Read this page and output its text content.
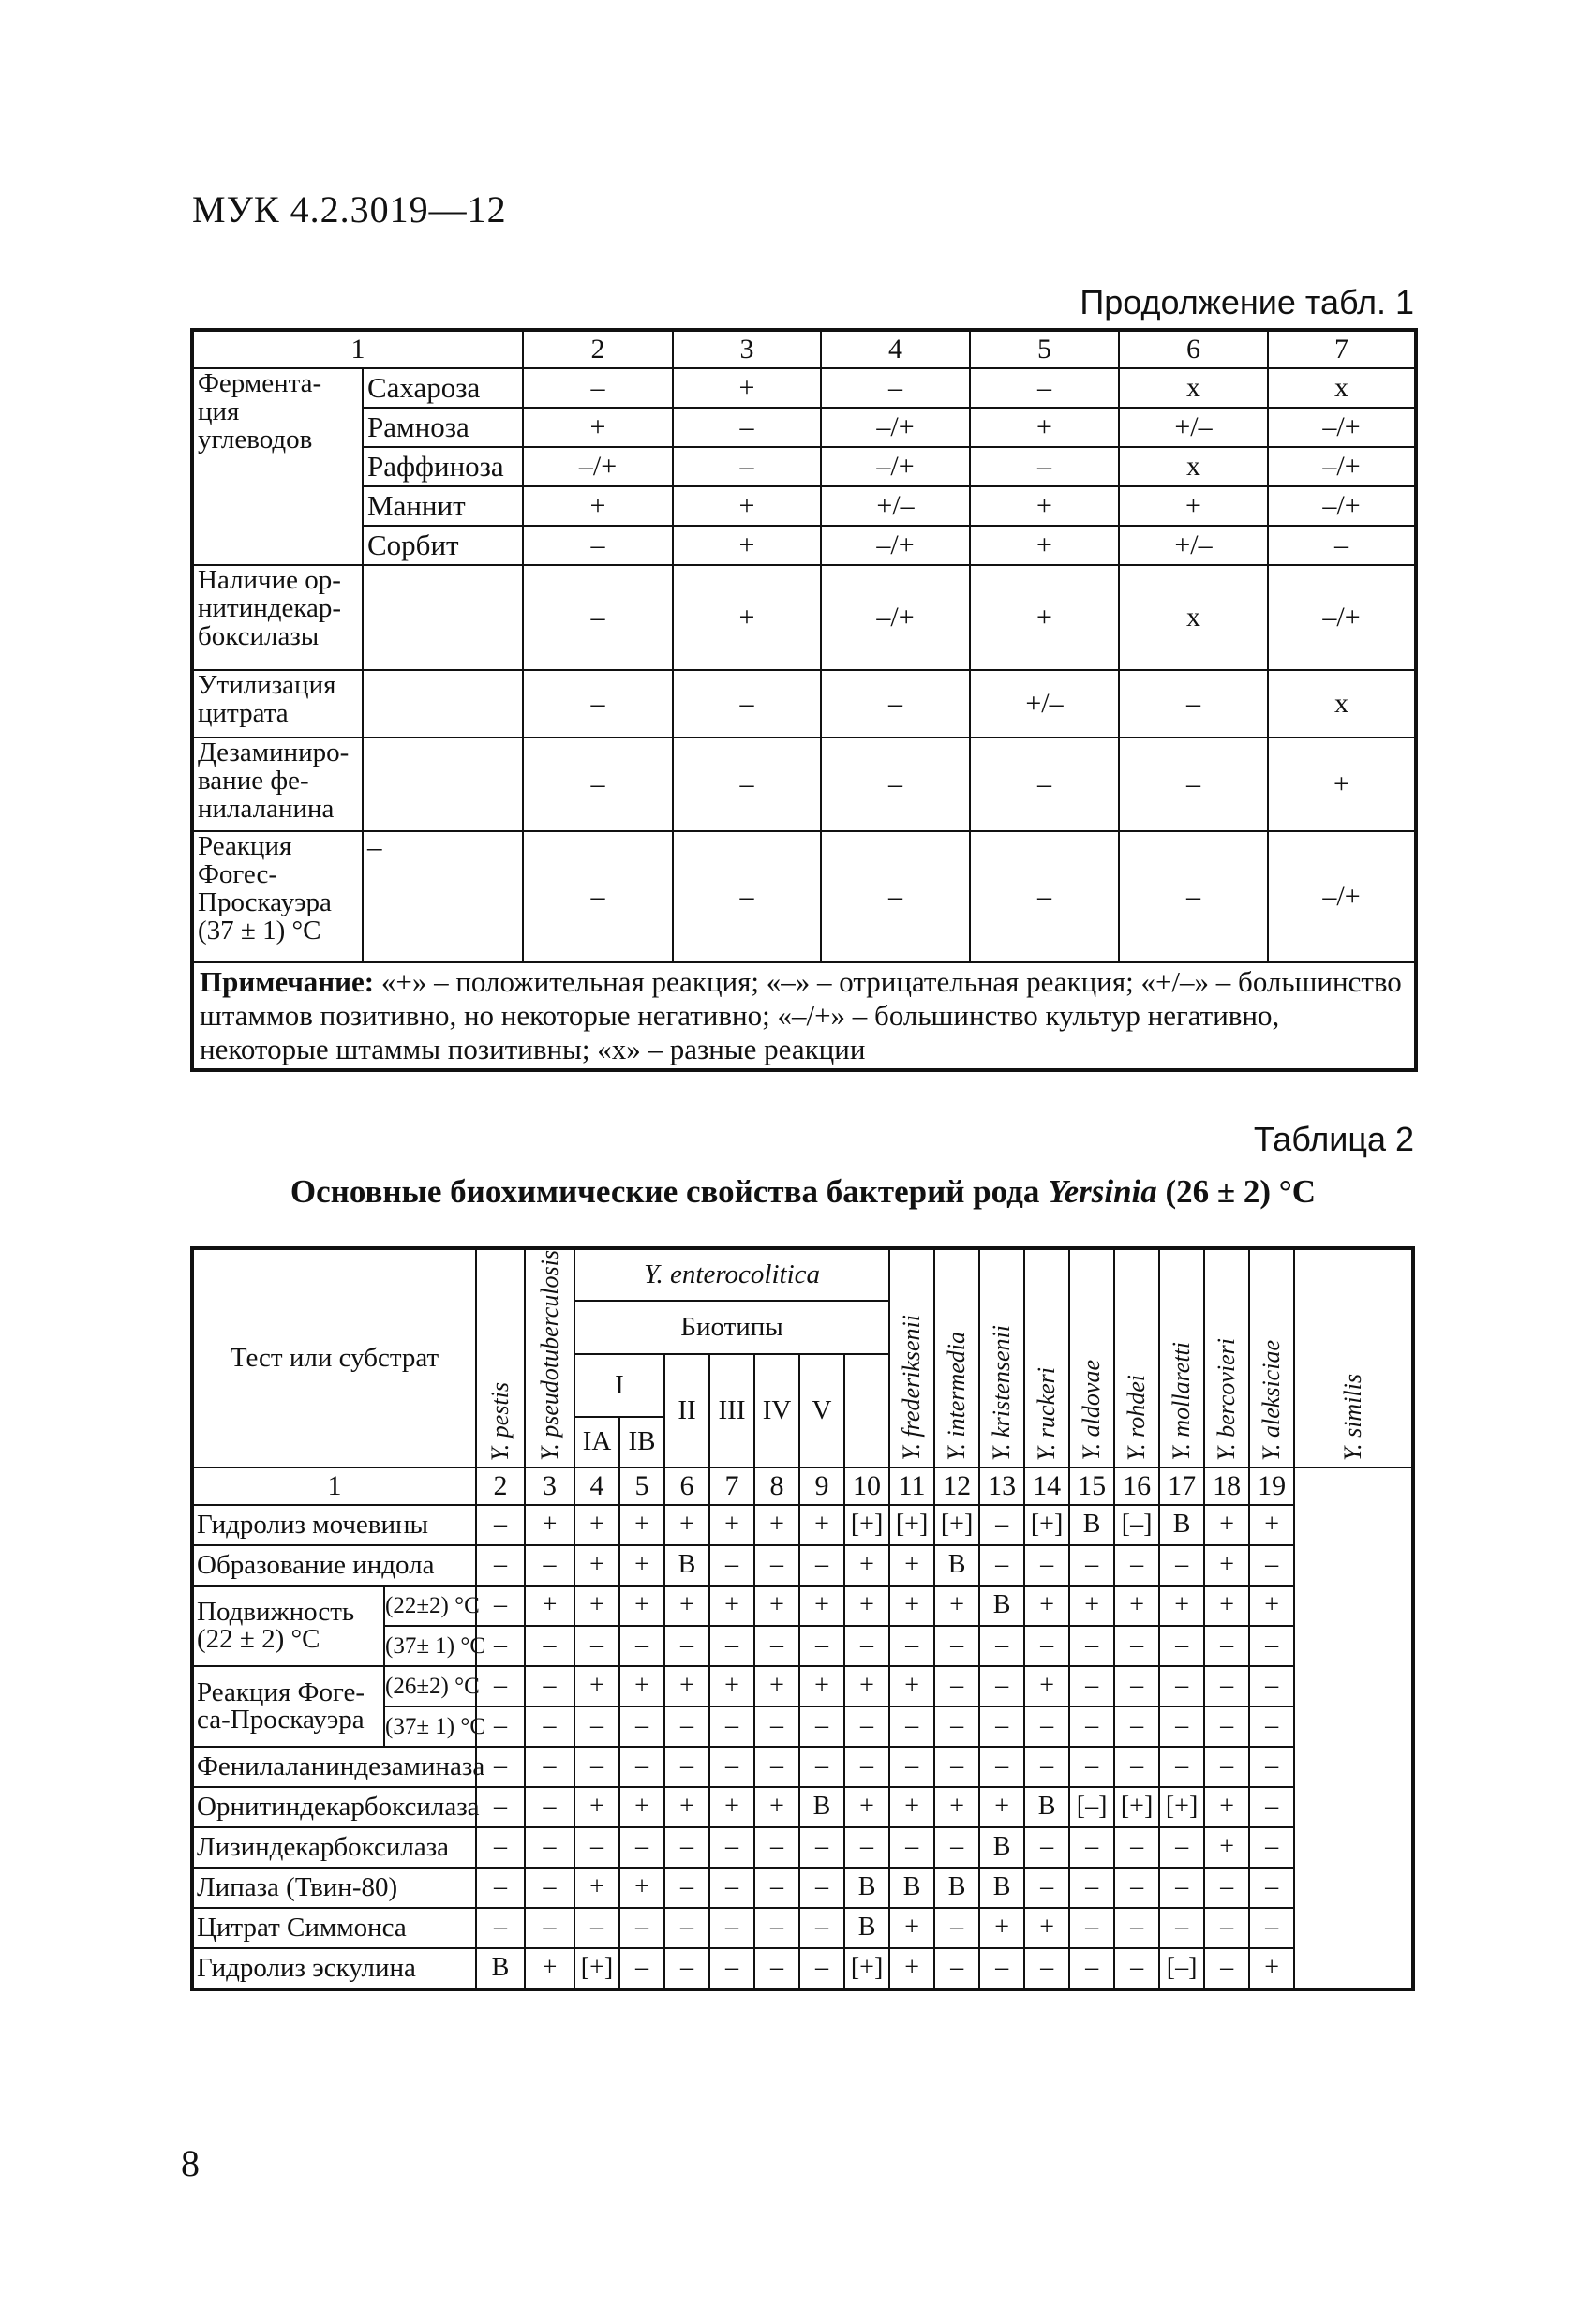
МУК 4.2.3019—12
Продолжение табл. 1
1		2	3	4	5	6	7
Фермента-
ция
углеводов	Сахароза	–	+	–	–	х	х
	Рамноза	+	–	–/+	+	+/–	–/+
	Раффиноза	–/+	–	–/+	–	х	–/+
	Маннит	+	+	+/–	+	+	–/+
	Сорбит	–	+	–/+	+	+/–	–
Наличие ор-
нитиндекар-
боксилазы		–	+	–/+	+	х	–/+
Утилизация
цитрата		–	–	–	+/–	–	х
Дезаминиро-
вание фе-
нилаланина		–	–	–	–	–	+
Реакция
Фогес-
Проскауэра
(37 ± 1) °С	–	–	–	–	–	–	–/+
Примечание: «+» – положительная реакция; «–» – отрицательная реакция; «+/–» – большинство штаммов позитивно, но некоторые негативно; «–/+» – большинство культур негативно, некоторые штаммы позитивны; «х» – разные реакции							
Таблица 2
Основные биохимические свойства бактерий рода Yersinia (26 ± 2) °С
Тест или субстрат		Y. pestis	Y. pseudotuberculosis	Y. enterocolitica							Y. frederiksenii	Y. intermedia	Y. kristensenii	Y. ruckeri	Y. aldovae	Y. rohdei	Y. mollaretti	Y. bercovieri	Y. aleksiciae	Y. similis

				Биотипы																
				I		II	III	IV	V											
				IA	IB															
1		2	3	4	5	6	7	8	9	10	11	12	13	14	15	16	17	18	19	
Гидролиз мочевины		–	+	+	+	+	+	+	+	[+]	[+]	[+]	–	[+]	В	[–]	В	+	+	
Образование индола		–	–	+	+	В	–	–	–	+	+	В	–	–	–	–	–	+	–	
Подвижность
(22 ± 2) °С	(22±2) °С	–	+	+	+	+	+	+	+	+	+	+	В	+	+	+	+	+	+	
	(37± 1) °С	–	–	–	–	–	–	–	–	–	–	–	–	–	–	–	–	–	–	
Реакция Фоге-
са-Проскауэра	(26±2) °С	–	–	+	+	+	+	+	+	+	+	–	–	+	–	–	–	–	–	
	(37± 1) °С	–	–	–	–	–	–	–	–	–	–	–	–	–	–	–	–	–	–	
Фенилаланиндезаминаза		–	–	–	–	–	–	–	–	–	–	–	–	–	–	–	–	–	–	
Орнитиндекарбоксилаза		–	–	+	+	+	+	+	В	+	+	+	+	В	[–]	[+]	[+]	+	–	
Лизиндекарбоксилаза		–	–	–	–	–	–	–	–	–	–	–	В	–	–	–	–	+	–	
Липаза (Твин-80)		–	–	+	+	–	–	–	–	В	В	В	В	–	–	–	–	–	–	
Цитрат Симмонса		–	–	–	–	–	–	–	–	В	+	–	+	+	–	–	–	–	–	
Гидролиз эскулина		В	+	[+]	–	–	–	–	–	[+]	+	–	–	–	–	–	[–]	–	+	
8
